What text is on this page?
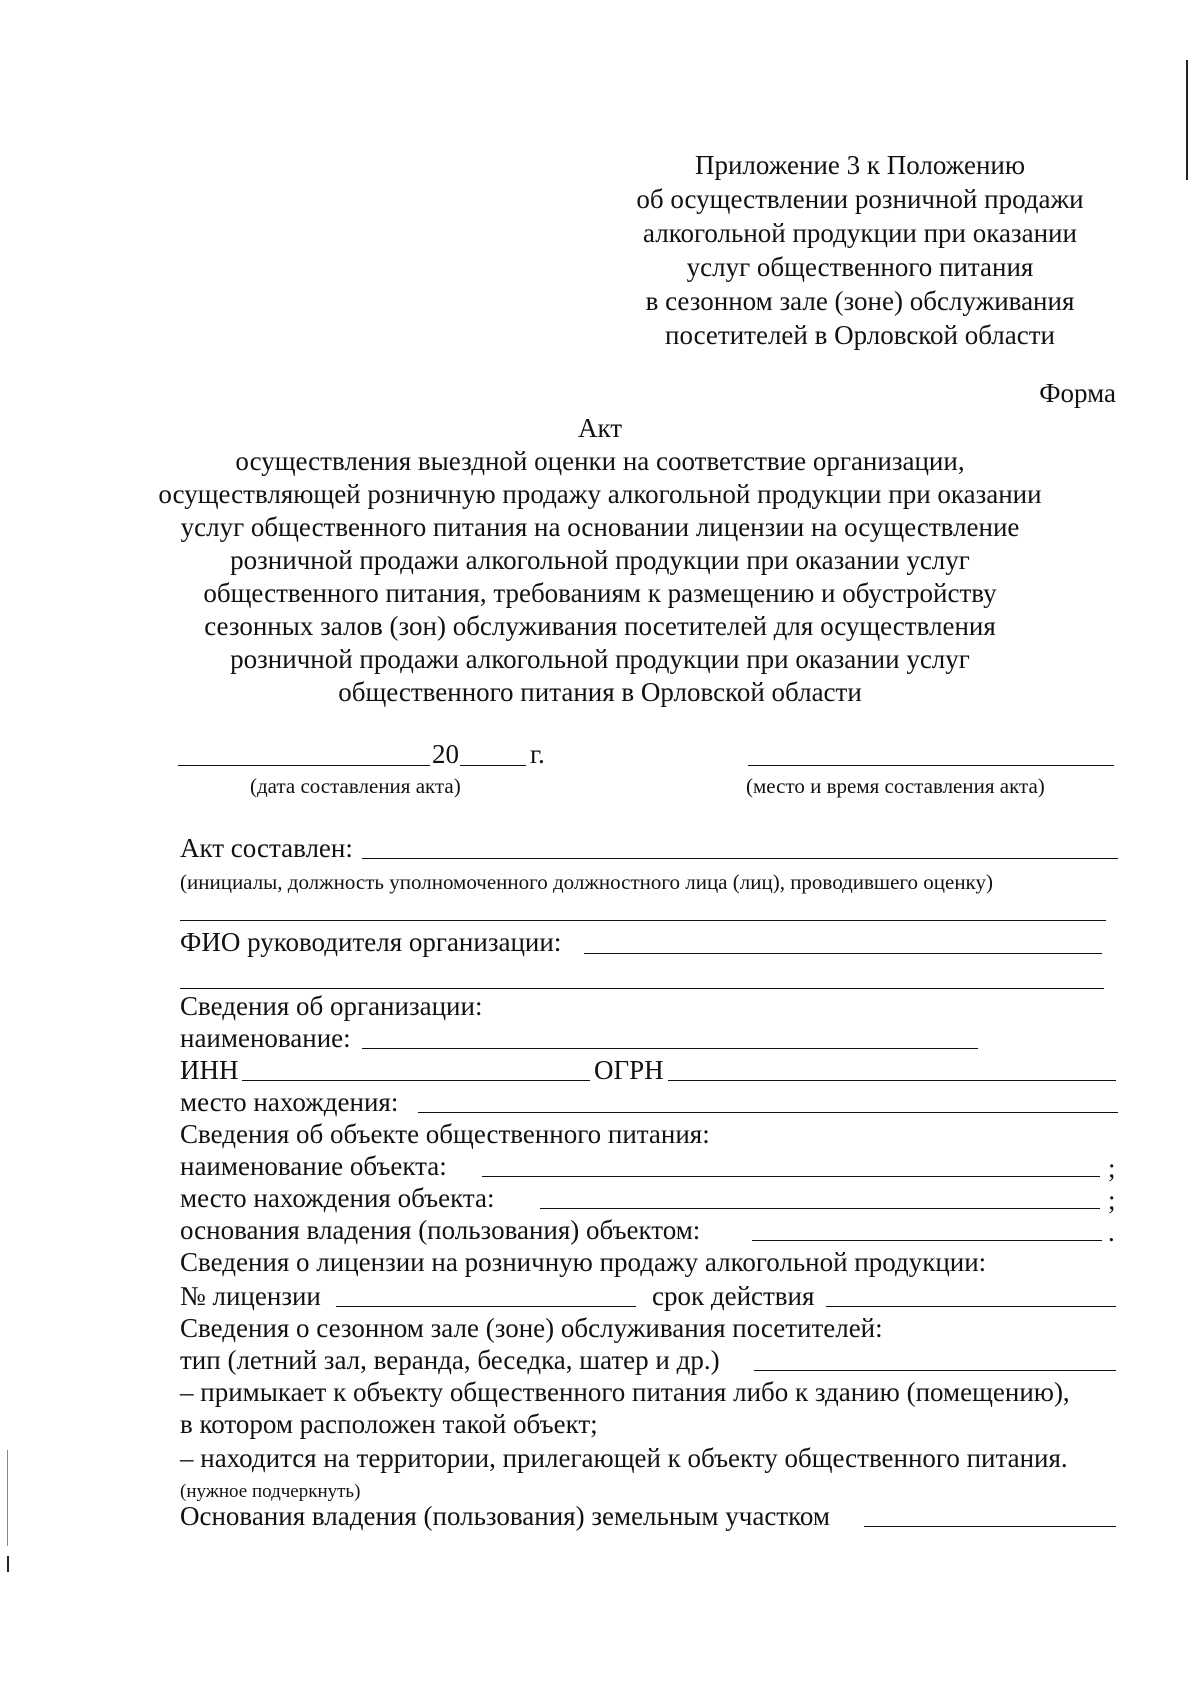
Приложение 3 к Положению
об осуществлении розничной продажи
алкогольной продукции при оказании
услуг общественного питания
в сезонном зале (зоне) обслуживания
посетителей в Орловской области
Форма
Акт
осуществления выездной оценки на соответствие организации,
осуществляющей розничную продажу алкогольной продукции при оказании
услуг общественного питания на основании лицензии на осуществление
розничной продажи алкогольной продукции при оказании услуг
общественного питания, требованиям к размещению и обустройству
сезонных залов (зон) обслуживания посетителей для осуществления
розничной продажи алкогольной продукции при оказании услуг
общественного питания в Орловской области
20	г.
(дата составления акта)	(место и время составления акта)
Акт составлен:
(инициалы, должность уполномоченного должностного лица (лиц), проводившего оценку)
ФИО руководителя организации:
Сведения об организации:
наименование:
ИНН	ОГРН
место нахождения:
Сведения об объекте общественного питания:
наименование объекта:	;
место нахождения объекта:	;
основания владения (пользования) объектом:	.
Сведения о лицензии на розничную продажу алкогольной продукции:
№ лицензии	срок действия
Сведения о сезонном зале (зоне) обслуживания посетителей:
тип (летний зал, веранда, беседка, шатер и др.)
– примыкает к объекту общественного питания либо к зданию (помещению),
в котором расположен такой объект;
– находится на территории, прилегающей к объекту общественного питания.
(нужное подчеркнуть)
Основания владения (пользования) земельным участком
